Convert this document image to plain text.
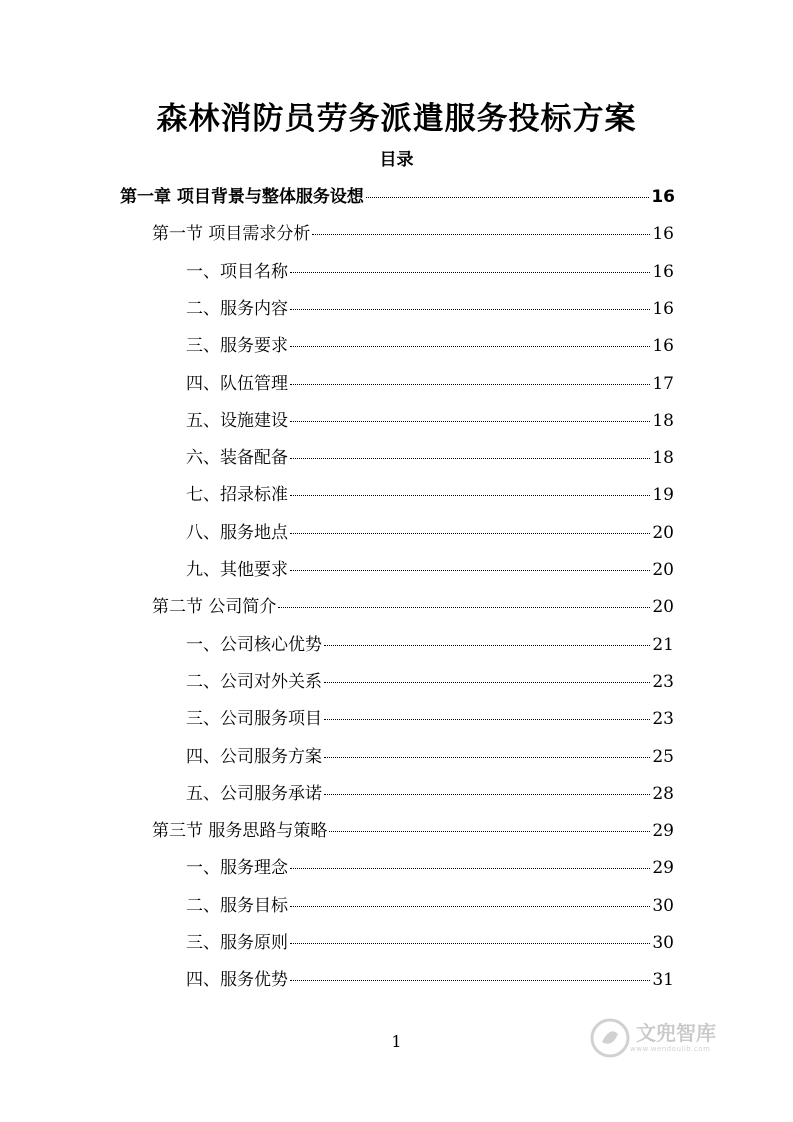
森林消防员劳务派遣服务投标方案
目录
第一章 项目背景与整体服务设想	16
第一节 项目需求分析	16
一、项目名称	16
二、服务内容	16
三、服务要求	16
四、队伍管理	17
五、设施建设	18
六、装备配备	18
七、招录标准	19
八、服务地点	20
九、其他要求	20
第二节 公司简介	20
一、公司核心优势	21
二、公司对外关系	23
三、公司服务项目	23
四、公司服务方案	25
五、公司服务承诺	28
第三节 服务思路与策略	29
一、服务理念	29
二、服务目标	30
三、服务原则	30
四、服务优势	31
1	文兜智库
www.wendoulib.com
